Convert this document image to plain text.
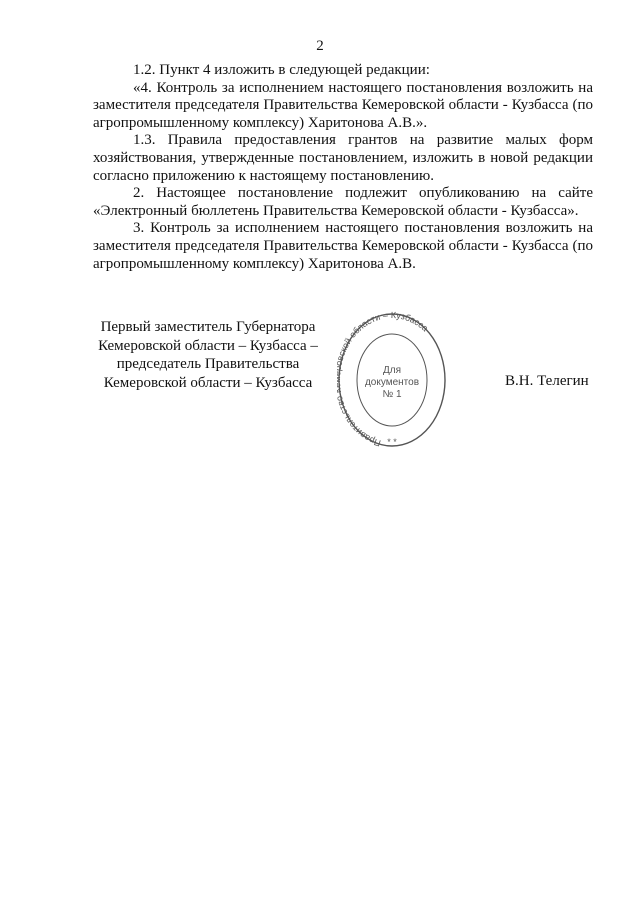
2

1.2. Пункт 4 изложить в следующей редакции:

«4. Контроль за исполнением настоящего постановления возложить на заместителя председателя Правительства Кемеровской области - Кузбасса (по агропромышленному комплексу) Харитонова А.В.».

1.3. Правила предоставления грантов на развитие малых форм хозяйствования, утвержденные постановлением, изложить в новой редакции согласно приложению к настоящему постановлению.

2. Настоящее постановление подлежит опубликованию на сайте «Электронный бюллетень Правительства Кемеровской области - Кузбасса».

3. Контроль за исполнением настоящего постановления возложить на заместителя председателя Правительства Кемеровской области - Кузбасса (по агропромышленному комплексу) Харитонова А.В.

Первый заместитель Губернатора
Кемеровской области – Кузбасса –
председатель Правительства
Кемеровской области – Кузбасса
Правительст ской области – Кузбасса
Для
документов
№ 1
* *
В.Н. Телегин
